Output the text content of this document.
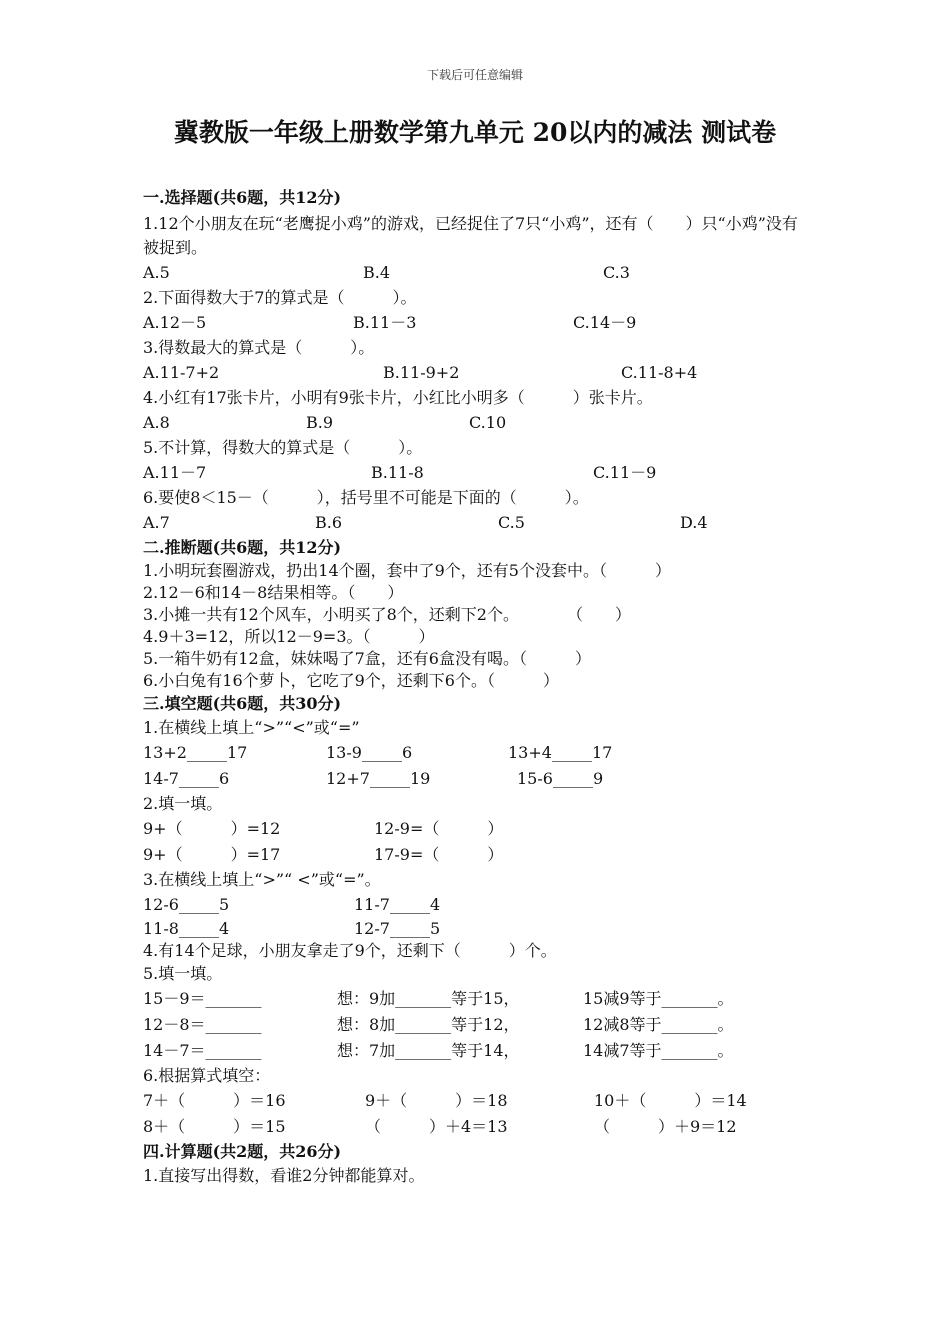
下载后可任意编辑
冀教版一年级上册数学第九单元 20以内的减法 测试卷
一.选择题(共6题，共12分)
1.12个小朋友在玩“老鹰捉小鸡”的游戏，已经捉住了7只“小鸡”，还有（　　）只“小鸡”没有被捉到。
A.5	B.4	C.3
2.下面得数大于7的算式是（　　　）。
A.12－5	B.11－3	C.14－9
3.得数最大的算式是（　　　）。
A.11-7+2	B.11-9+2	C.11-8+4
4.小红有17张卡片，小明有9张卡片，小红比小明多（　　　）张卡片。
A.8	B.9	C.10
5.不计算，得数大的算式是（　　　）。
A.11－7	B.11-8	C.11－9
6.要使8＜15－（　　　），括号里不可能是下面的（　　　）。
A.7	B.6	C.5	D.4
二.推断题(共6题，共12分)
1.小明玩套圈游戏，扔出14个圈，套中了9个，还有5个没套中。（　　　）
2.12－6和14－8结果相等。（　　）
3.小摊一共有12个风车，小明买了8个，还剩下2个。　　　　（　　）
4.9＋3=12，所以12－9=3。（　　　）
5.一箱牛奶有12盒，妹妹喝了7盒，还有6盒没有喝。（　　　）
6.小白兔有16个萝卜，它吃了9个，还剩下6个。（　　　）
三.填空题(共6题，共30分)
1.在横线上填上“>”“<”或“=”
13+2_____17	13-9_____6	13+4_____17
14-7_____6	12+7_____19	15-6_____9
2.填一填。
9+（　　　）=12	12-9=（　　　）
9+（　　　）=17	17-9=（　　　）
3.在横线上填上“>”“ <”或“=”。
12-6_____5	11-7_____4
11-8_____4	12-7_____5
4.有14个足球，小朋友拿走了9个，还剩下（　　　）个。
5.填一填。
15－9＝_______	想：9加_______等于15，	15减9等于_______。
12－8＝_______	想：8加_______等于12，	12减8等于_______。
14－7＝_______	想：7加_______等于14，	14减7等于_______。
6.根据算式填空：
7＋（　　　）＝16	9＋（　　　）＝18	10＋（　　　）＝14
8＋（　　　）＝15	（　　　）＋4＝13	（　　　）＋9＝12
四.计算题(共2题，共26分)
1.直接写出得数，看谁2分钟都能算对。
